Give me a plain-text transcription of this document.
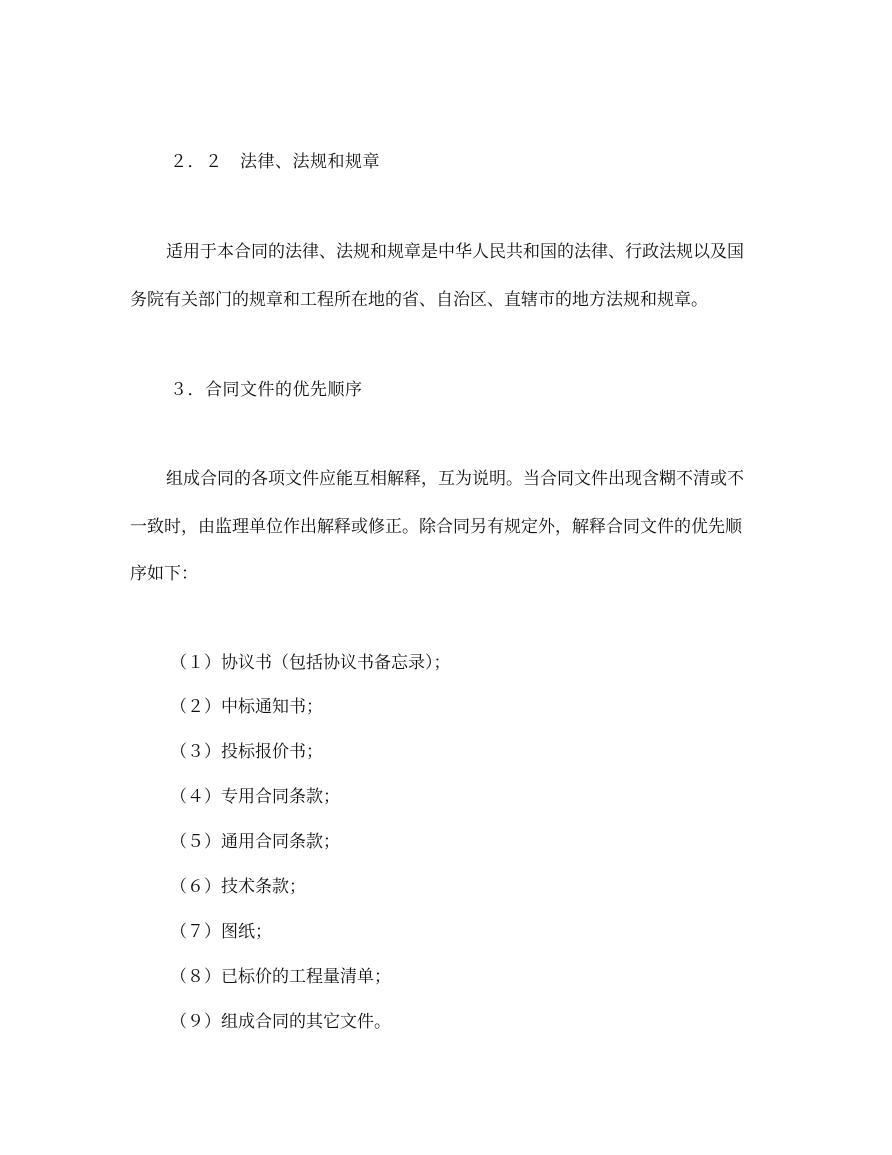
２．２　法律、法规和规章
适用于本合同的法律、法规和规章是中华人民共和国的法律、行政法规以及国
务院有关部门的规章和工程所在地的省、自治区、直辖市的地方法规和规章。
３．合同文件的优先顺序
组成合同的各项文件应能互相解释，互为说明。当合同文件出现含糊不清或不
一致时，由监理单位作出解释或修正。除合同另有规定外，解释合同文件的优先顺
序如下：
（１）协议书（包括协议书备忘录）；
（２）中标通知书；
（３）投标报价书；
（４）专用合同条款；
（５）通用合同条款；
（６）技术条款；
（７）图纸；
（８）已标价的工程量清单；
（９）组成合同的其它文件。
